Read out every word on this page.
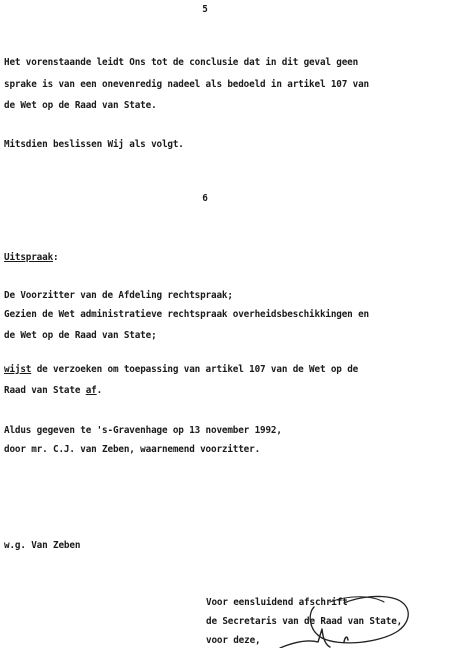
5
Het vorenstaande leidt Ons tot de conclusie dat in dit geval geen
sprake is van een onevenredig nadeel als bedoeld in artikel 107 van
de Wet op de Raad van State.
Mitsdien beslissen Wij als volgt.
6
Uitspraak:
De Voorzitter van de Afdeling rechtspraak;
Gezien de Wet administratieve rechtspraak overheidsbeschikkingen en
de Wet op de Raad van State;
wijst de verzoeken om toepassing van artikel 107 van de Wet op de
Raad van State af.
Aldus gegeven te 's-Gravenhage op 13 november 1992,
door mr. C.J. van Zeben, waarnemend voorzitter.
w.g. Van Zeben
Voor eensluidend afschrift
de Secretaris van de Raad van State,
voor deze,
